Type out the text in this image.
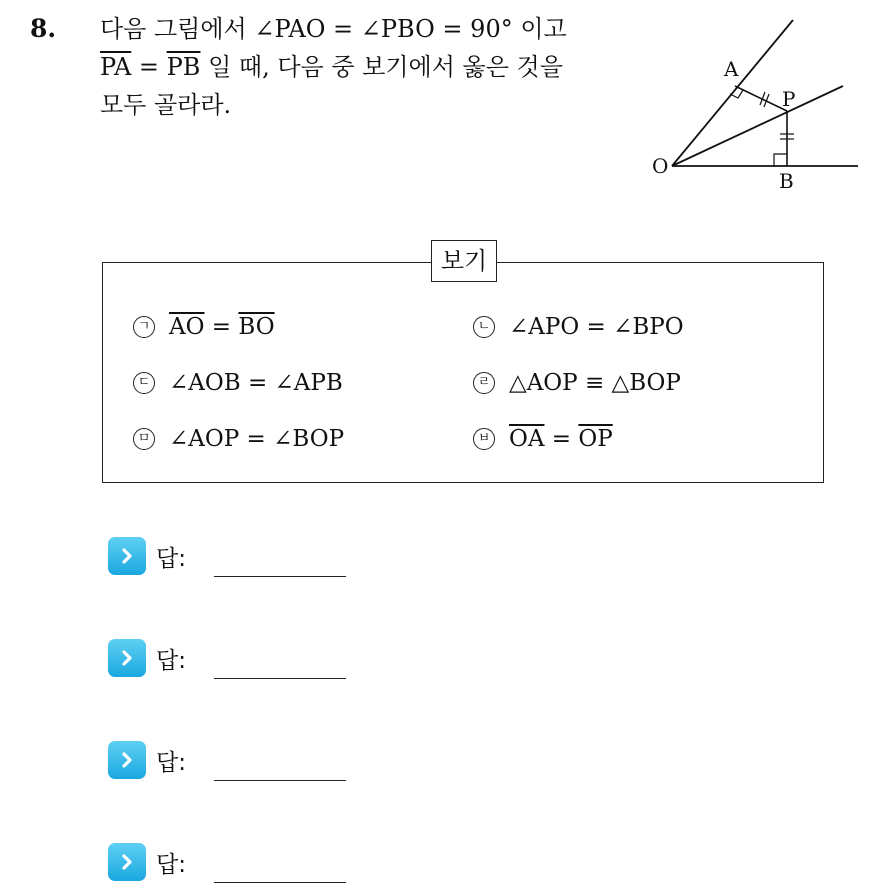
8. 다음 그림에서 ∠PAO = ∠PBO = 90° 이고
$\overline{PA} = \overline{PB}$ 일 때, 다음 중 보기에서 옳은 것을
모두 골라라.
O
A
P
B
보기
ㄱ $\overline{AO} = \overline{BO}$	ㄴ ∠APO = ∠BPO
ㄷ ∠AOB = ∠APB	ㄹ △AOP ≡ △BOP
ㅁ ∠AOP = ∠BOP	ㅂ $\overline{OA} = \overline{OP}$
답:
답:
답:
답:
